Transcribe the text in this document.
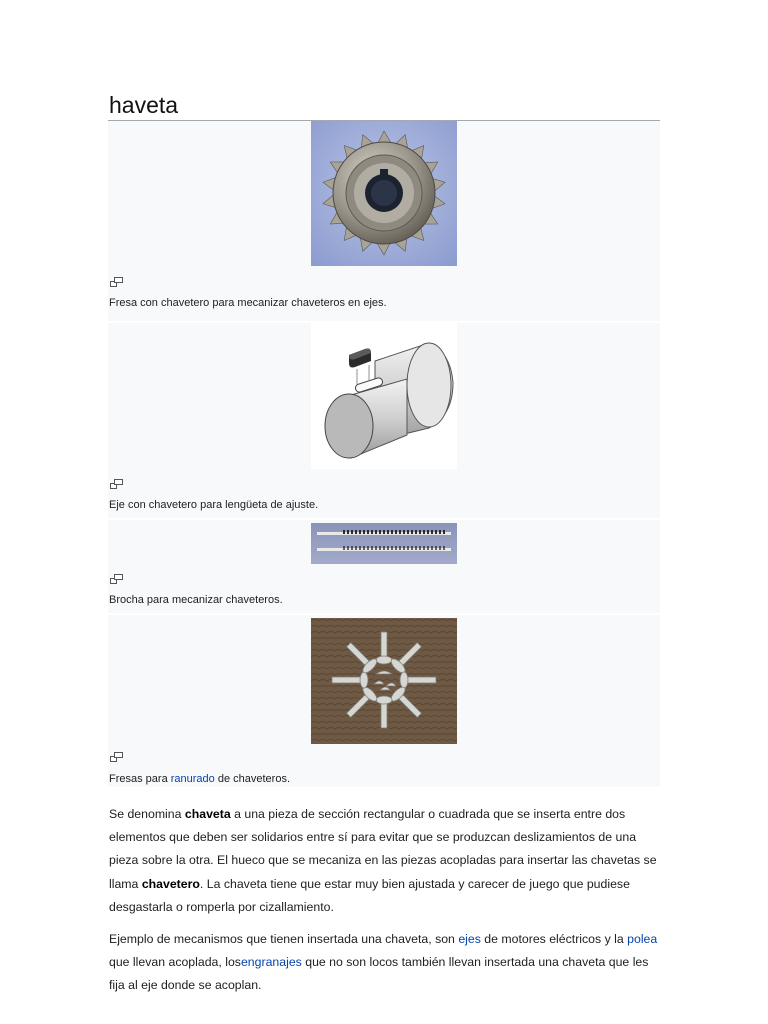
haveta
Fresa con chavetero para mecanizar chaveteros en ejes.
Eje con chavetero para lengüeta de ajuste.
Brocha para mecanizar chaveteros.
Fresas para ranurado de chaveteros.

Se denomina chaveta a una pieza de sección rectangular o cuadrada que se inserta entre dos elementos que deben ser solidarios entre sí para evitar que se produzcan deslizamientos de una pieza sobre la otra. El hueco que se mecaniza en las piezas acopladas para insertar las chavetas se llama chavetero. La chaveta tiene que estar muy bien ajustada y carecer de juego que pudiese desgastarla o romperla por cizallamiento.

Ejemplo de mecanismos que tienen insertada una chaveta, son ejes de motores eléctricos y la polea que llevan acoplada, losengranajes que no son locos también llevan insertada una chaveta que les fija al eje donde se acoplan.
